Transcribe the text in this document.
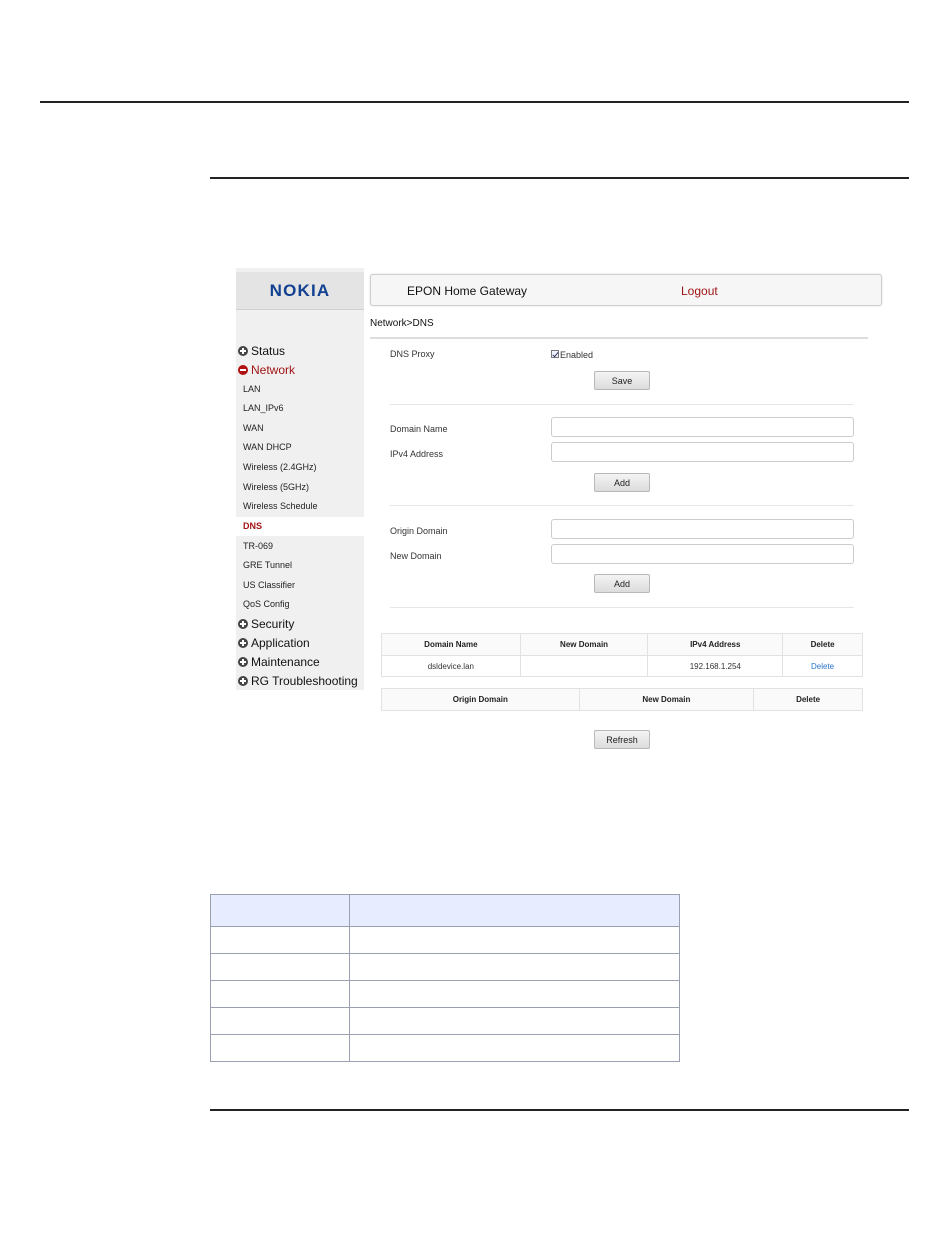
NOKIA
Status
Network
LAN
LAN_IPv6
WAN
WAN DHCP
Wireless (2.4GHz)
Wireless (5GHz)
Wireless Schedule
DNS
TR-069
GRE Tunnel
US Classifier
QoS Config
Security
Application
Maintenance
RG Troubleshooting
EPON Home Gateway	Logout
Network>DNS
DNS Proxy	Enabled
Save
Domain Name
IPv4 Address
Add
Origin Domain
New Domain
Add
Domain Name	New Domain	IPv4 Address	Delete
dsldevice.lan		192.168.1.254	Delete
Origin Domain	New Domain	Delete
Refresh
